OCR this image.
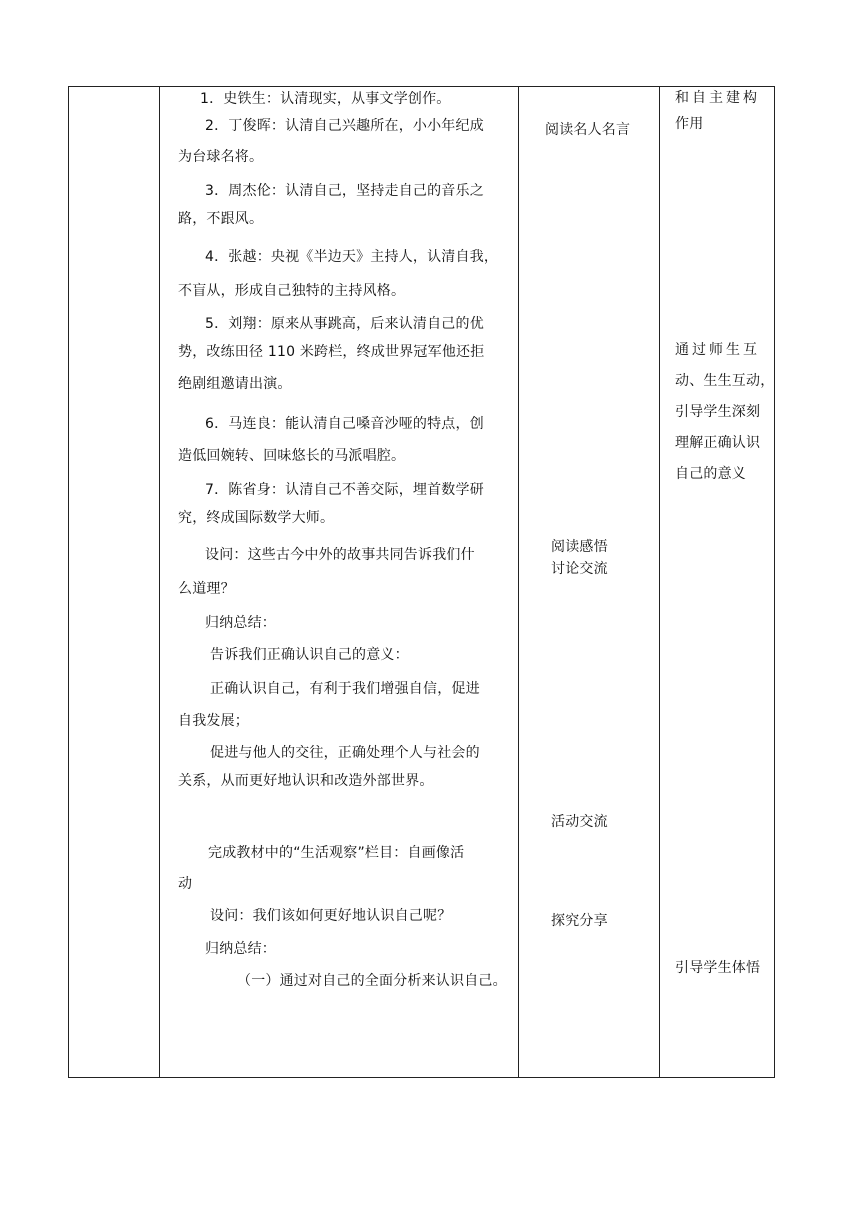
1．史铁生：认清现实，从事文学创作。
2．丁俊晖：认清自己兴趣所在，小小年纪成
为台球名将。
3．周杰伦：认清自己，坚持走自己的音乐之
路，不跟风。
4．张越：央视《半边天》主持人，认清自我，
不盲从，形成自己独特的主持风格。
5．刘翔：原来从事跳高，后来认清自己的优
势，改练田径 110 米跨栏，终成世界冠军他还拒
绝剧组邀请出演。
6．马连良：能认清自己嗓音沙哑的特点，创
造低回婉转、回味悠长的马派唱腔。
7．陈省身：认清自己不善交际，埋首数学研
究，终成国际数学大师。
设问：这些古今中外的故事共同告诉我们什
么道理？
归纳总结：
告诉我们正确认识自己的意义：
正确认识自己，有利于我们增强自信，促进
自我发展；
促进与他人的交往，正确处理个人与社会的
关系，从而更好地认识和改造外部世界。
完成教材中的“生活观察”栏目：自画像活
动
设问：我们该如何更好地认识自己呢？
归纳总结：
（一）通过对自己的全面分析来认识自己。
阅读名人名言
阅读感悟
讨论交流
活动交流
探究分享
和自主建构
作用
通过师生互
动、生生互动，
引导学生深刻
理解正确认识
自己的意义
引导学生体悟
